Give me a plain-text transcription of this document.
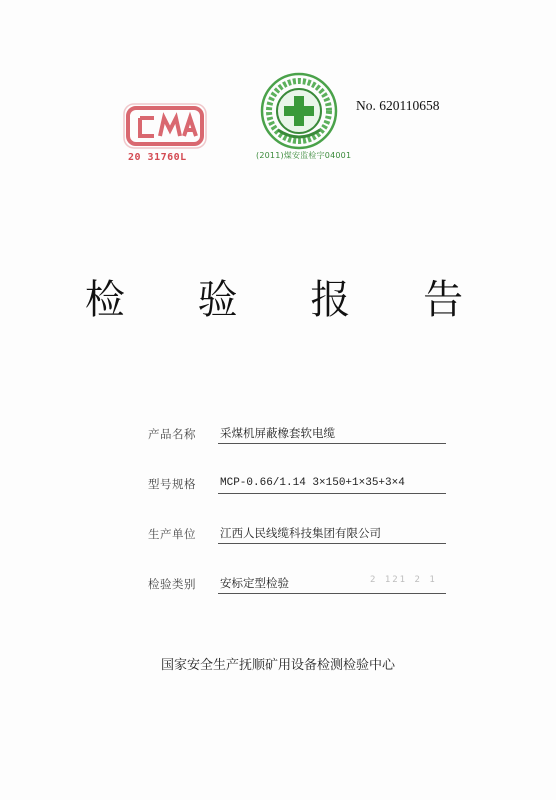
20 31760L	(2011)煤安监检字04001
No. 620110658
检 验 报 告
产品名称 采煤机屏蔽橡套软电缆
型号规格 MCP-0.66/1.14 3×150+1×35+3×4
生产单位 江西人民线缆科技集团有限公司
检验类别 安标定型检验	2 121 2 1
国家安全生产抚顺矿用设备检测检验中心
